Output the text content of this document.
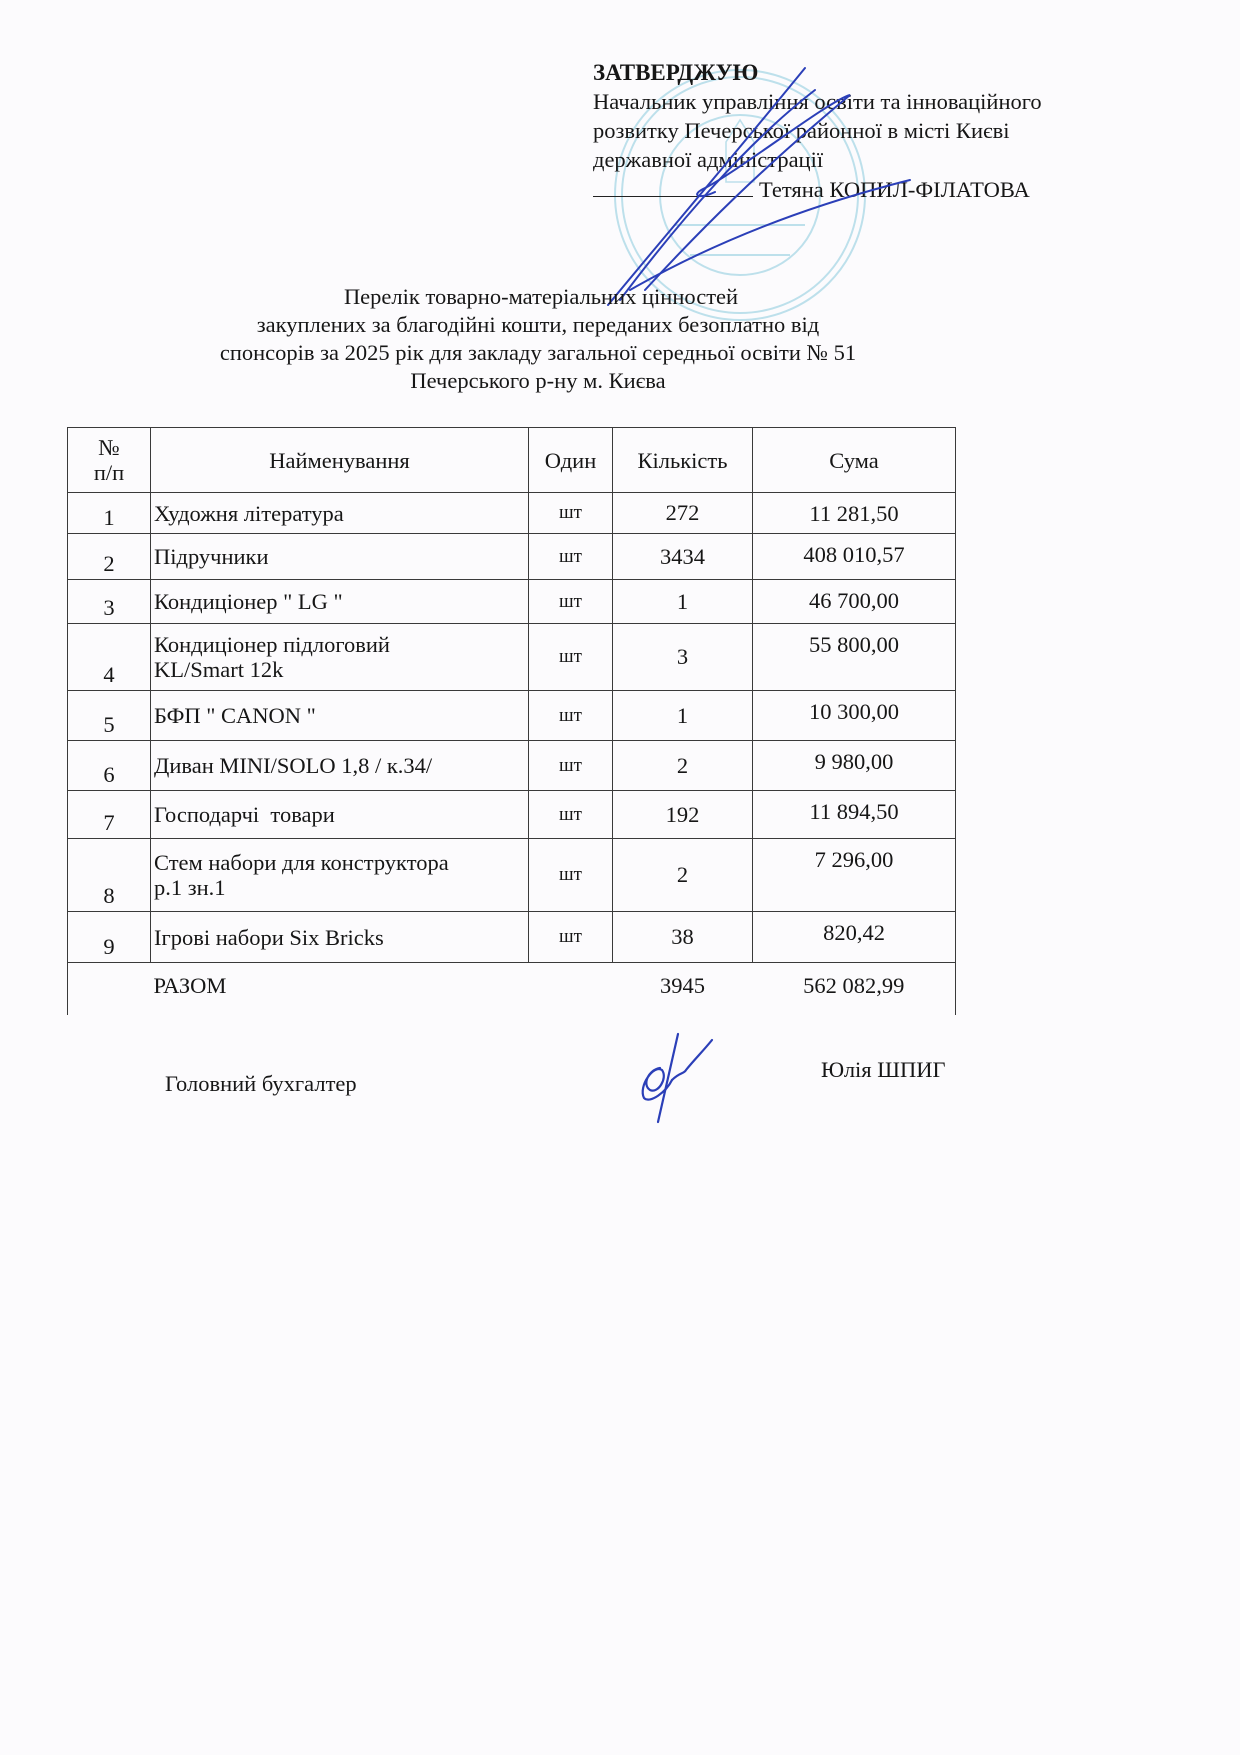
ЗАТВЕРДЖУЮ
Начальник управління освіти та інноваційного
розвитку Печерської районної в місті Києві
державної адміністрації
Тетяна КОПИЛ-ФІЛАТОВА
Перелік товарно-матеріальних цінностей
закуплених за благодійні кошти, переданих безоплатно від
спонсорів за 2025 рік для закладу загальної середньої освіти № 51
Печерського р-ну м. Києва
№
п/п	Найменування	Один	Кількість	Сума
1	Художня література	шт	272	11 281,50
2	Підручники	шт	3434	408 010,57
3	Кондиціонер " LG "	шт	1	46 700,00
4	Кондиціонер підлоговий
KL/Smart 12k	шт	3	55 800,00
5	БФП " CANON "	шт	1	10 300,00
6	Диван MINI/SOLO 1,8 / к.34/	шт	2	9 980,00
7	Господарчі  товари	шт	192	11 894,50
8	Стем набори для конструктора
р.1 зн.1	шт	2	7 296,00
9	Ігрові набори Six Bricks	шт	38	820,42
	РАЗОМ		3945	562 082,99
Головний бухгалтер
Юлія ШПИГ
